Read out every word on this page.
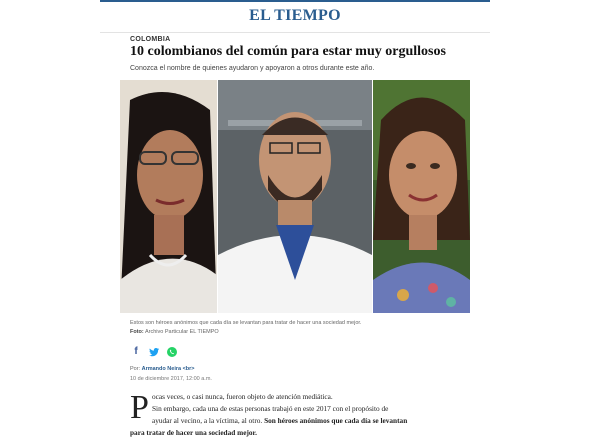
EL TIEMPO
COLOMBIA
10 colombianos del común para estar muy orgullosos
Conozca el nombre de quienes ayudaron y apoyaron a otros durante este año.
Estos son héroes anónimos que cada día se levantan para tratar de hacer una sociedad mejor.
Foto: Archivo Particular EL TIEMPO
f
Por: Armando Neira <br>
10 de diciembre 2017, 12:00 a.m.
P ocas veces, o casi nunca, fueron objeto de atención mediática.
Sin embargo, cada una de estas personas trabajó en este 2017 con el propósito de
ayudar al vecino, a la víctima, al otro. Son héroes anónimos que cada día se levantan
para tratar de hacer una sociedad mejor.
